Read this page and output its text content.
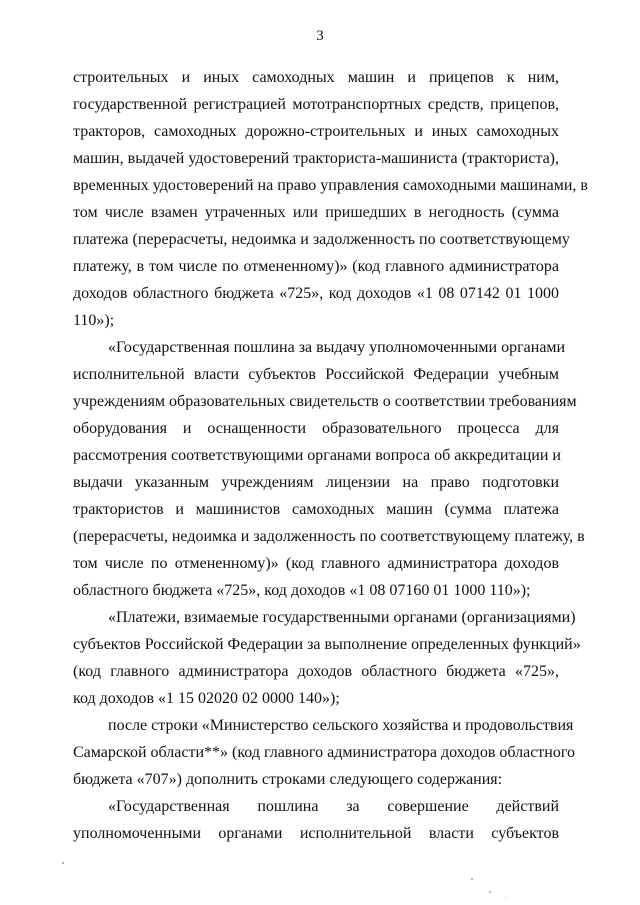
3
строительных и иных самоходных машин и прицепов к ним,
государственной регистрацией мототранспортных средств, прицепов,
тракторов, самоходных дорожно-строительных и иных самоходных
машин, выдачей удостоверений тракториста-машиниста (тракториста),
временных удостоверений на право управления самоходными машинами, в
том числе взамен утраченных или пришедших в негодность (сумма
платежа (перерасчеты, недоимка и задолженность по соответствующему
платежу, в том числе по отмененному)» (код главного администратора
доходов областного бюджета «725», код доходов «1 08 07142 01 1000
110»);
«Государственная пошлина за выдачу уполномоченными органами
исполнительной власти субъектов Российской Федерации учебным
учреждениям образовательных свидетельств о соответствии требованиям
оборудования и оснащенности образовательного процесса для
рассмотрения соответствующими органами вопроса об аккредитации и
выдачи указанным учреждениям лицензии на право подготовки
трактористов и машинистов самоходных машин (сумма платежа
(перерасчеты, недоимка и задолженность по соответствующему платежу, в
том числе по отмененному)» (код главного администратора доходов
областного бюджета «725», код доходов «1 08 07160 01 1000 110»);
«Платежи, взимаемые государственными органами (организациями)
субъектов Российской Федерации за выполнение определенных функций»
(код главного администратора доходов областного бюджета «725»,
код доходов «1 15 02020 02 0000 140»);
после строки «Министерство сельского хозяйства и продовольствия
Самарской области**» (код главного администратора доходов областного
бюджета «707») дополнить строками следующего содержания:
«Государственная пошлина за совершение действий
уполномоченными органами исполнительной власти субъектов
